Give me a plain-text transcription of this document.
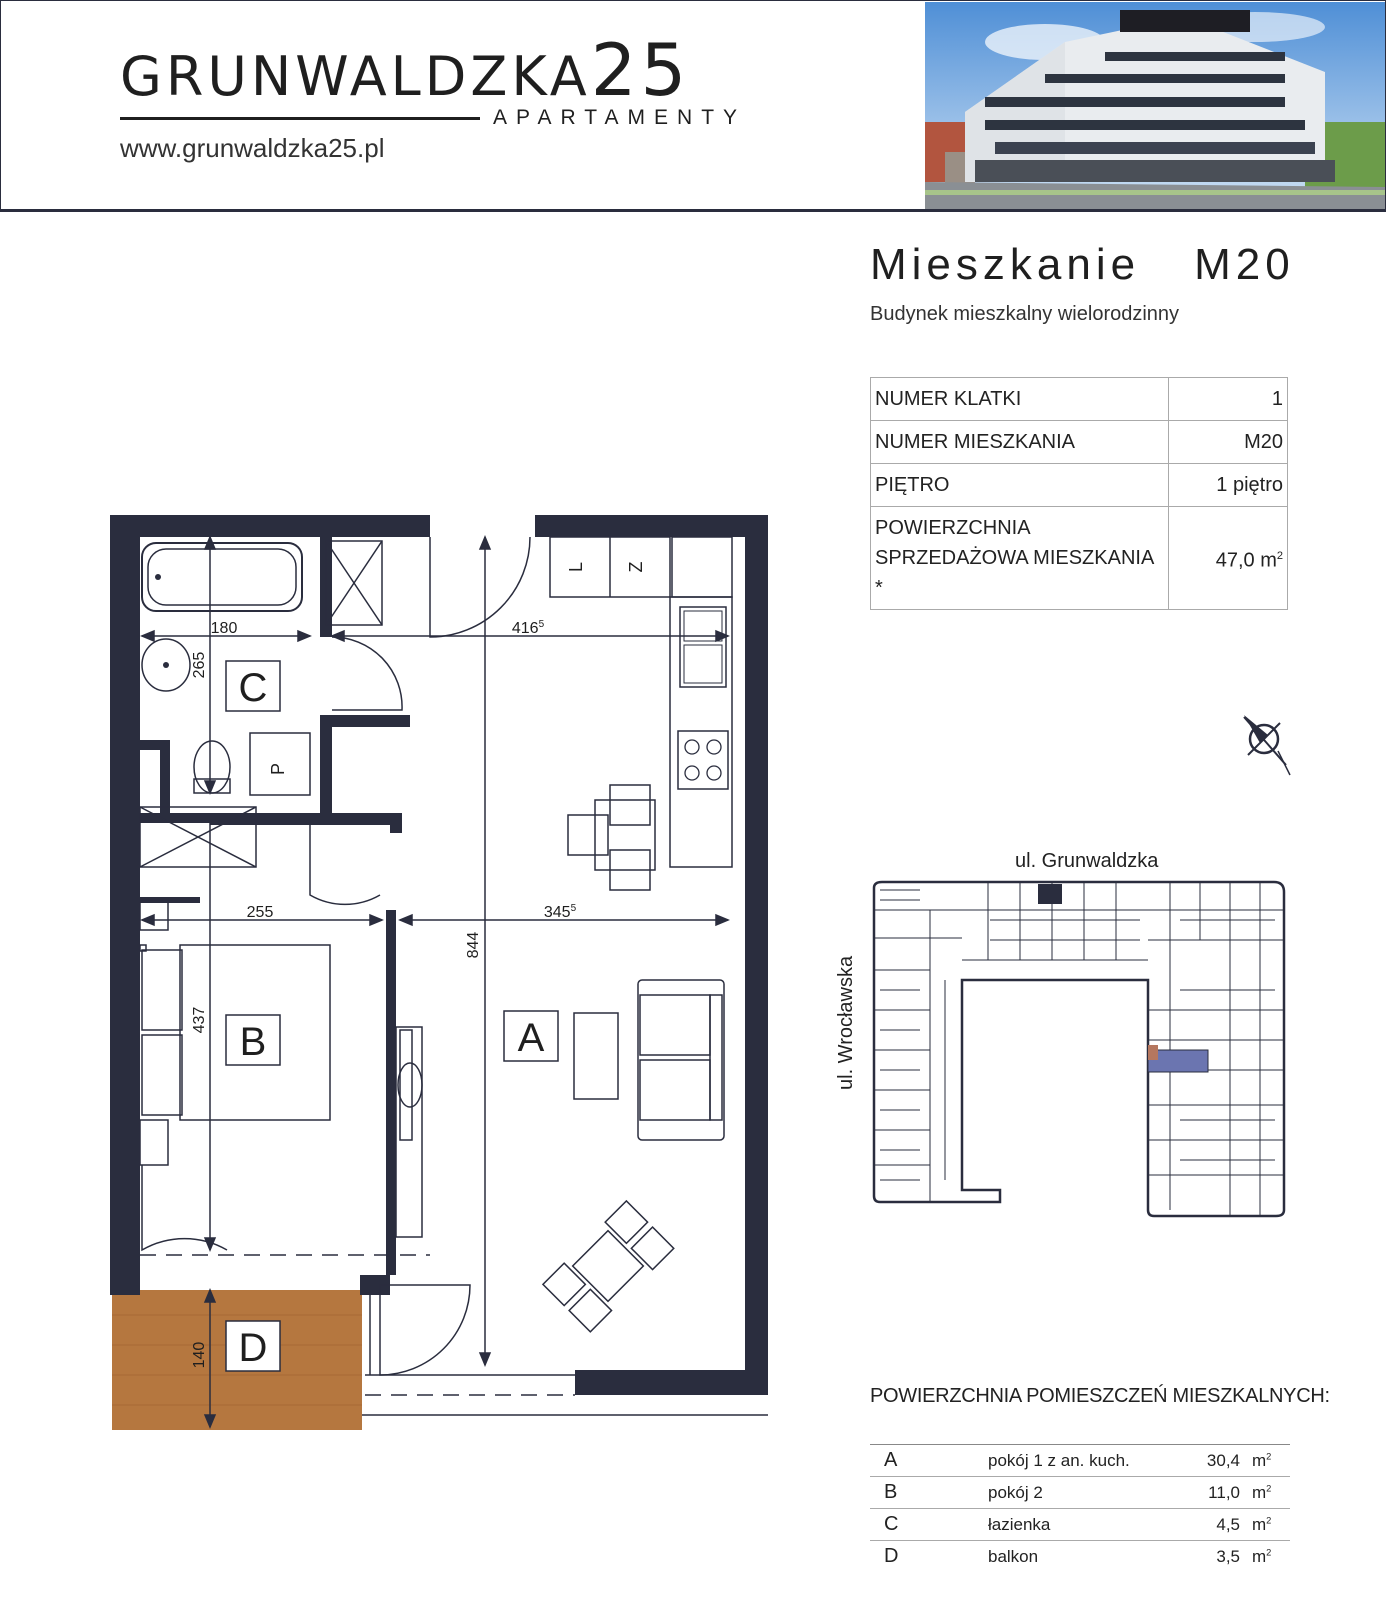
GRUNWALDZKA25
APARTAMENTY
www.grunwaldzka25.pl
Mieszkanie M20
Budynek mieszkalny wielorodzinny
NUMER KLATKI	1
NUMER MIESZKANIA	M20
PIĘTRO	1 piętro
POWIERZCHNIA
SPRZEDAŻOWA MIESZKANIA *	47,0 $m^2$
ul. Grunwaldzka
ul. Wrocławska
C
B	A
D
P
L Z
180	$416^5$
265
255	$345^5$
844
437
140
POWIERZCHNIA POMIESZCZEŃ MIESZKALNYCH:
A	pokój 1 z an. kuch.	30,4	$m^2$
B	pokój 2	11,0	$m^2$
C	łazienka	4,5	$m^2$
D	balkon	3,5	$m^2$
